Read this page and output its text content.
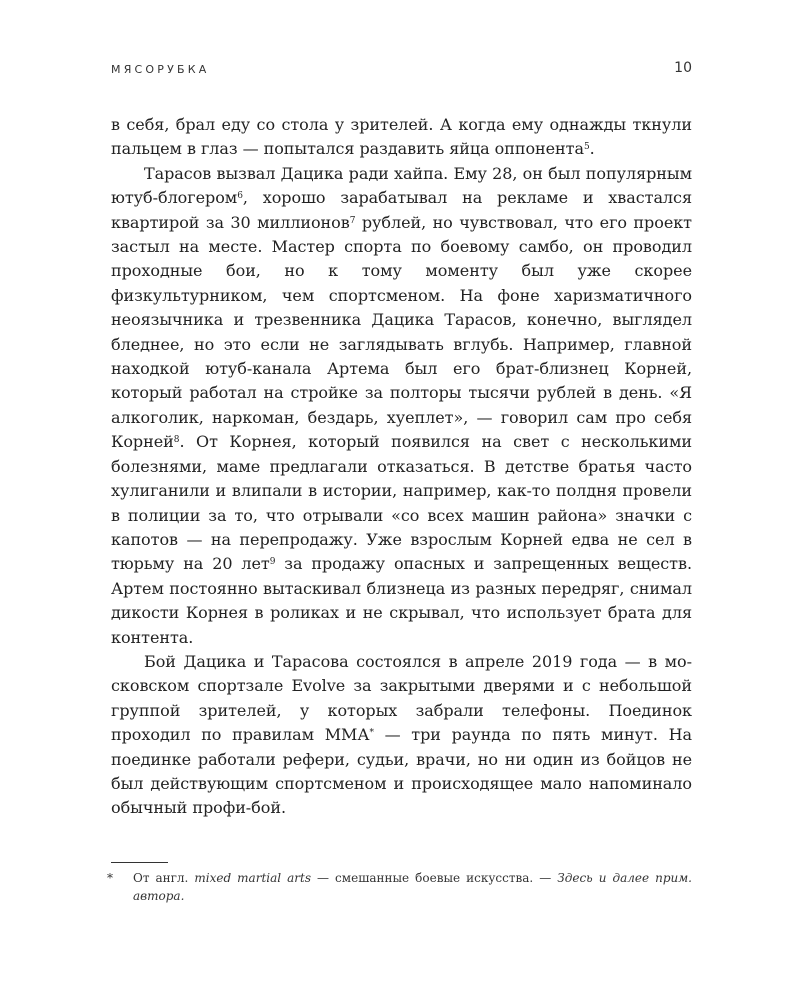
МЯСОРУБКА	10

в себя, брал еду со стола у зрителей. А когда ему однажды ткнули пальцем в глаз — попытался раздавить яйца оппонента$^5$.

Тарасов вызвал Дацика ради хайпа. Ему 28, он был популярным ютуб-блогером$^6$, хорошо зарабатывал на рекламе и хвастался квартирой за 30 миллионов$^7$ рублей, но чувствовал, что его проект застыл на месте. Мастер спорта по боевому самбо, он проводил проходные бои, но к тому моменту был уже скорее физкультурником, чем спортсменом. На фоне харизматичного неоязычника и трезвенника Дацика Тарасов, конечно, выглядел бледнее, но это если не заглядывать вглубь. Например, главной находкой ютуб-канала Артема был его брат-близнец Корней, который работал на стройке за полторы тысячи рублей в день. «Я алкоголик, наркоман, бездарь, хуеплет», — говорил сам про себя Корней$^8$. От Корнея, который появился на свет с несколькими болезнями, маме предлагали отказаться. В детстве братья часто хулиганили и влипали в истории, например, как-то полдня провели в полиции за то, что отрывали «со всех машин района» значки с капотов — на перепродажу. Уже взрослым Корней едва не сел в тюрьму на 20 лет$^9$ за продажу опасных и запрещенных веществ. Артем постоянно вытаскивал близнеца из разных передряг, снимал дикости Корнея в роликах и не скрывал, что использует брата для контента.

Бой Дацика и Тарасова состоялся в апреле 2019 года — в московском спортзале Evolve за закрытыми дверями и с небольшой группой зрителей, у которых забрали телефоны. Поединок проходил по правилам ММА* — три раунда по пять минут. На поединке работали рефери, судьи, врачи, но ни один из бойцов не был действующим спортсменом и происходящее мало напоминало обычный профи-бой.

*	От англ. mixed martial arts — смешанные боевые искусства. — Здесь и далее прим. автора.
